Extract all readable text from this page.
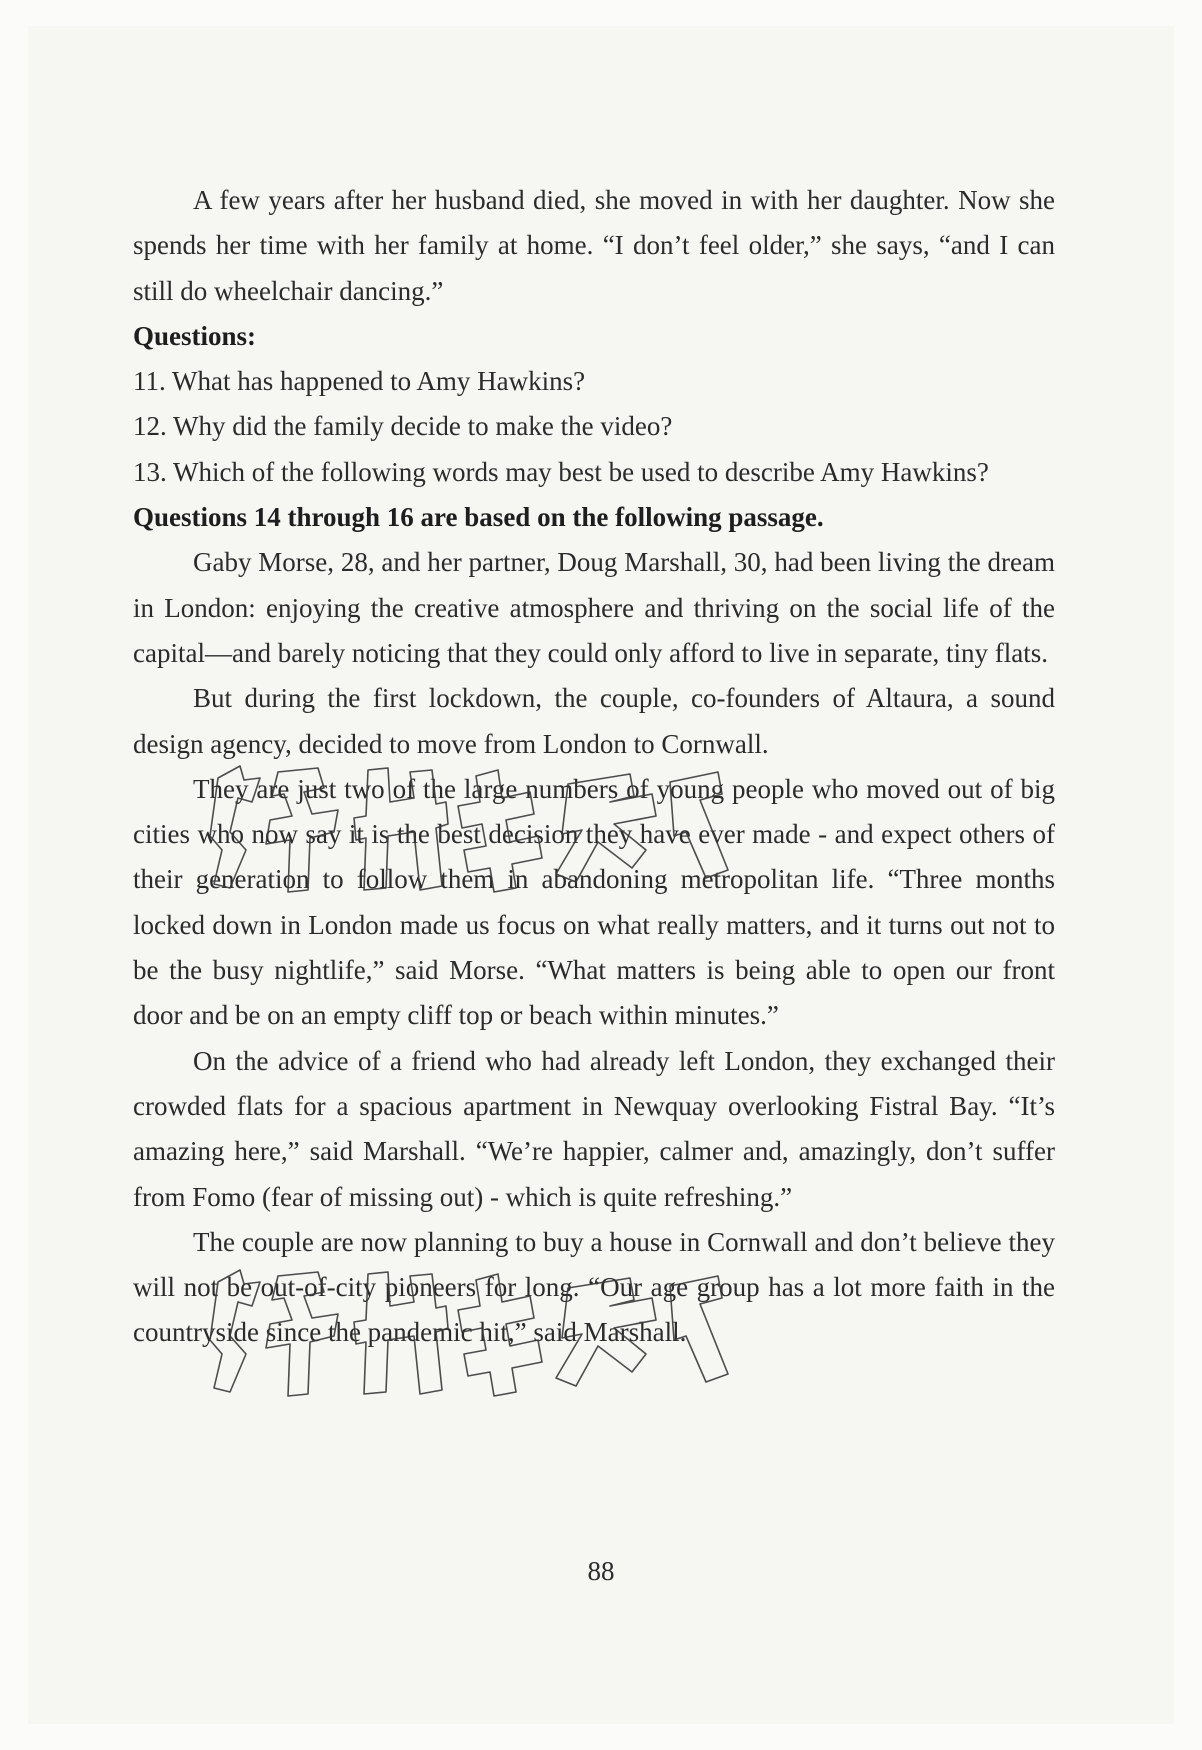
A few years after her husband died, she moved in with her daughter. Now she spends her time with her family at home. “I don’t feel older,” she says, “and I can still do wheelchair dancing.”

Questions:

11. What has happened to Amy Hawkins?

12. Why did the family decide to make the video?

13. Which of the following words may best be used to describe Amy Hawkins?

Questions 14 through 16 are based on the following passage.

Gaby Morse, 28, and her partner, Doug Marshall, 30, had been living the dream in London: enjoying the creative atmosphere and thriving on the social life of the capital—and barely noticing that they could only afford to live in separate, tiny flats.

But during the first lockdown, the couple, co-founders of Altaura, a sound design agency, decided to move from London to Cornwall.

They are just two of the large numbers of young people who moved out of big cities who now say it is the best decision they have ever made - and expect others of their generation to follow them in abandoning metropolitan life. “Three months locked down in London made us focus on what really matters, and it turns out not to be the busy nightlife,” said Morse. “What matters is being able to open our front door and be on an empty cliff top or beach within minutes.”

On the advice of a friend who had already left London, they exchanged their crowded flats for a spacious apartment in Newquay overlooking Fistral Bay. “It’s amazing here,” said Marshall. “We’re happier, calmer and, amazingly, don’t suffer from Fomo (fear of missing out) - which is quite refreshing.”

The couple are now planning to buy a house in Cornwall and don’t believe they will not be out-of-city pioneers for long. “Our age group has a lot more faith in the countryside since the pandemic hit,” said Marshall.

88
